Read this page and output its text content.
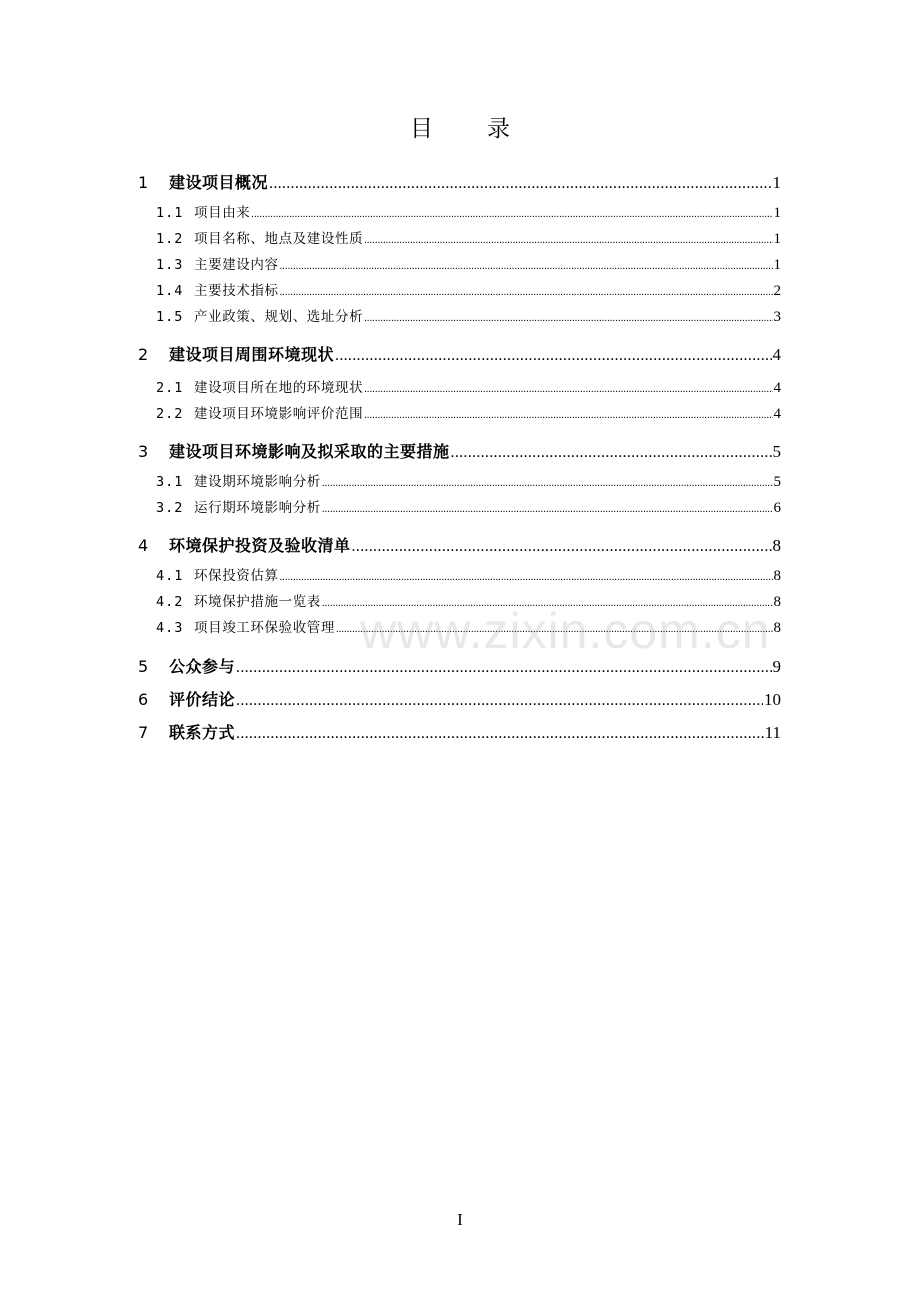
目 录
1	建设项目概况 .....	1
1.1 项目由来 .....	1
1.2 项目名称、地点及建设性质 .....	1
1.3 主要建设内容 .....	1
1.4 主要技术指标 .....	2
1.5 产业政策、规划、选址分析 .....	3
2	建设项目周围环境现状 .....	4
2.1 建设项目所在地的环境现状 .....	4
2.2 建设项目环境影响评价范围 .....	4
3	建设项目环境影响及拟采取的主要措施 .....	5
3.1 建设期环境影响分析 .....	5
3.2 运行期环境影响分析 .....	6
4	环境保护投资及验收清单 .....	8
4.1 环保投资估算 .....	8
4.2 环境保护措施一览表 .....	8
4.3 项目竣工环保验收管理 .....	8
5	公众参与 .....	9
6	评价结论 .....	10
7	联系方式 .....	11
www.zixin.com.cn
I
